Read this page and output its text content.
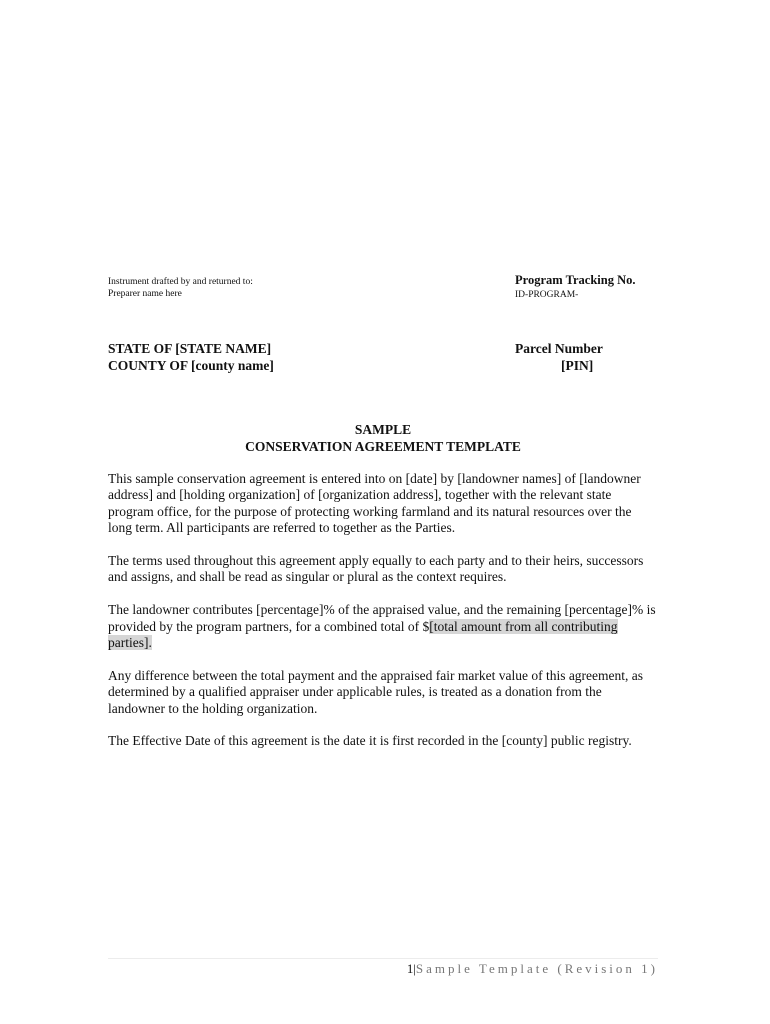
Instrument drafted by and returned to:
Preparer name here
Program Tracking No.
ID-PROGRAM-
STATE OF [STATE NAME]
COUNTY OF [county name]
Parcel Number
[PIN]
SAMPLE
CONSERVATION AGREEMENT TEMPLATE

This sample conservation agreement is entered into on [date] by [landowner names] of [landowner address] and [holding organization] of [organization address], together with the relevant state program office, for the purpose of protecting working farmland and its natural resources over the long term. All participants are referred to together as the Parties.

The terms used throughout this agreement apply equally to each party and to their heirs, successors and assigns, and shall be read as singular or plural as the context requires.

The landowner contributes [percentage]% of the appraised value, and the remaining [percentage]% is provided by the program partners, for a combined total of $[total amount from all contributing parties].

Any difference between the total payment and the appraised fair market value of this agreement, as determined by a qualified appraiser under applicable rules, is treated as a donation from the landowner to the holding organization.

The Effective Date of this agreement is the date it is first recorded in the [county] public registry.

1|Sample Template (Revision 1)
